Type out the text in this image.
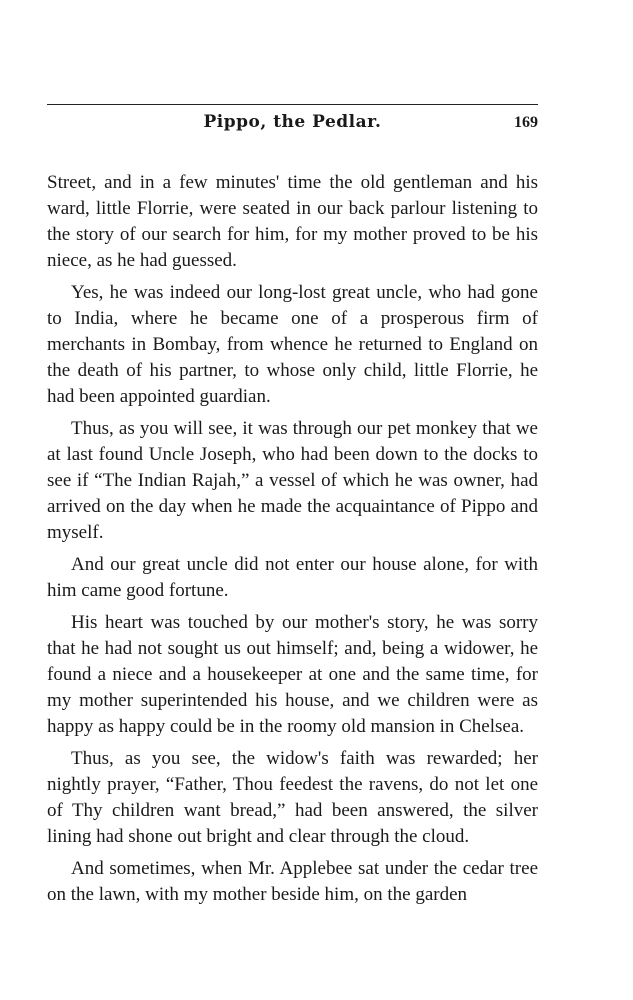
Pippo, the Pedlar.	169

Street, and in a few minutes' time the old gentleman and his ward, little Florrie, were seated in our back parlour listening to the story of our search for him, for my mother proved to be his niece, as he had guessed.

Yes, he was indeed our long-lost great uncle, who had gone to India, where he became one of a prosperous firm of merchants in Bombay, from whence he returned to England on the death of his partner, to whose only child, little Florrie, he had been appointed guardian.

Thus, as you will see, it was through our pet monkey that we at last found Uncle Joseph, who had been down to the docks to see if “The Indian Rajah,” a vessel of which he was owner, had arrived on the day when he made the acquaintance of Pippo and myself.

And our great uncle did not enter our house alone, for with him came good fortune.

His heart was touched by our mother's story, he was sorry that he had not sought us out himself; and, being a widower, he found a niece and a housekeeper at one and the same time, for my mother superintended his house, and we children were as happy as happy could be in the roomy old mansion in Chelsea.

Thus, as you see, the widow's faith was rewarded; her nightly prayer, “Father, Thou feedest the ravens, do not let one of Thy children want bread,” had been answered, the silver lining had shone out bright and clear through the cloud.

And sometimes, when Mr. Applebee sat under the cedar tree on the lawn, with my mother beside him, on the garden
